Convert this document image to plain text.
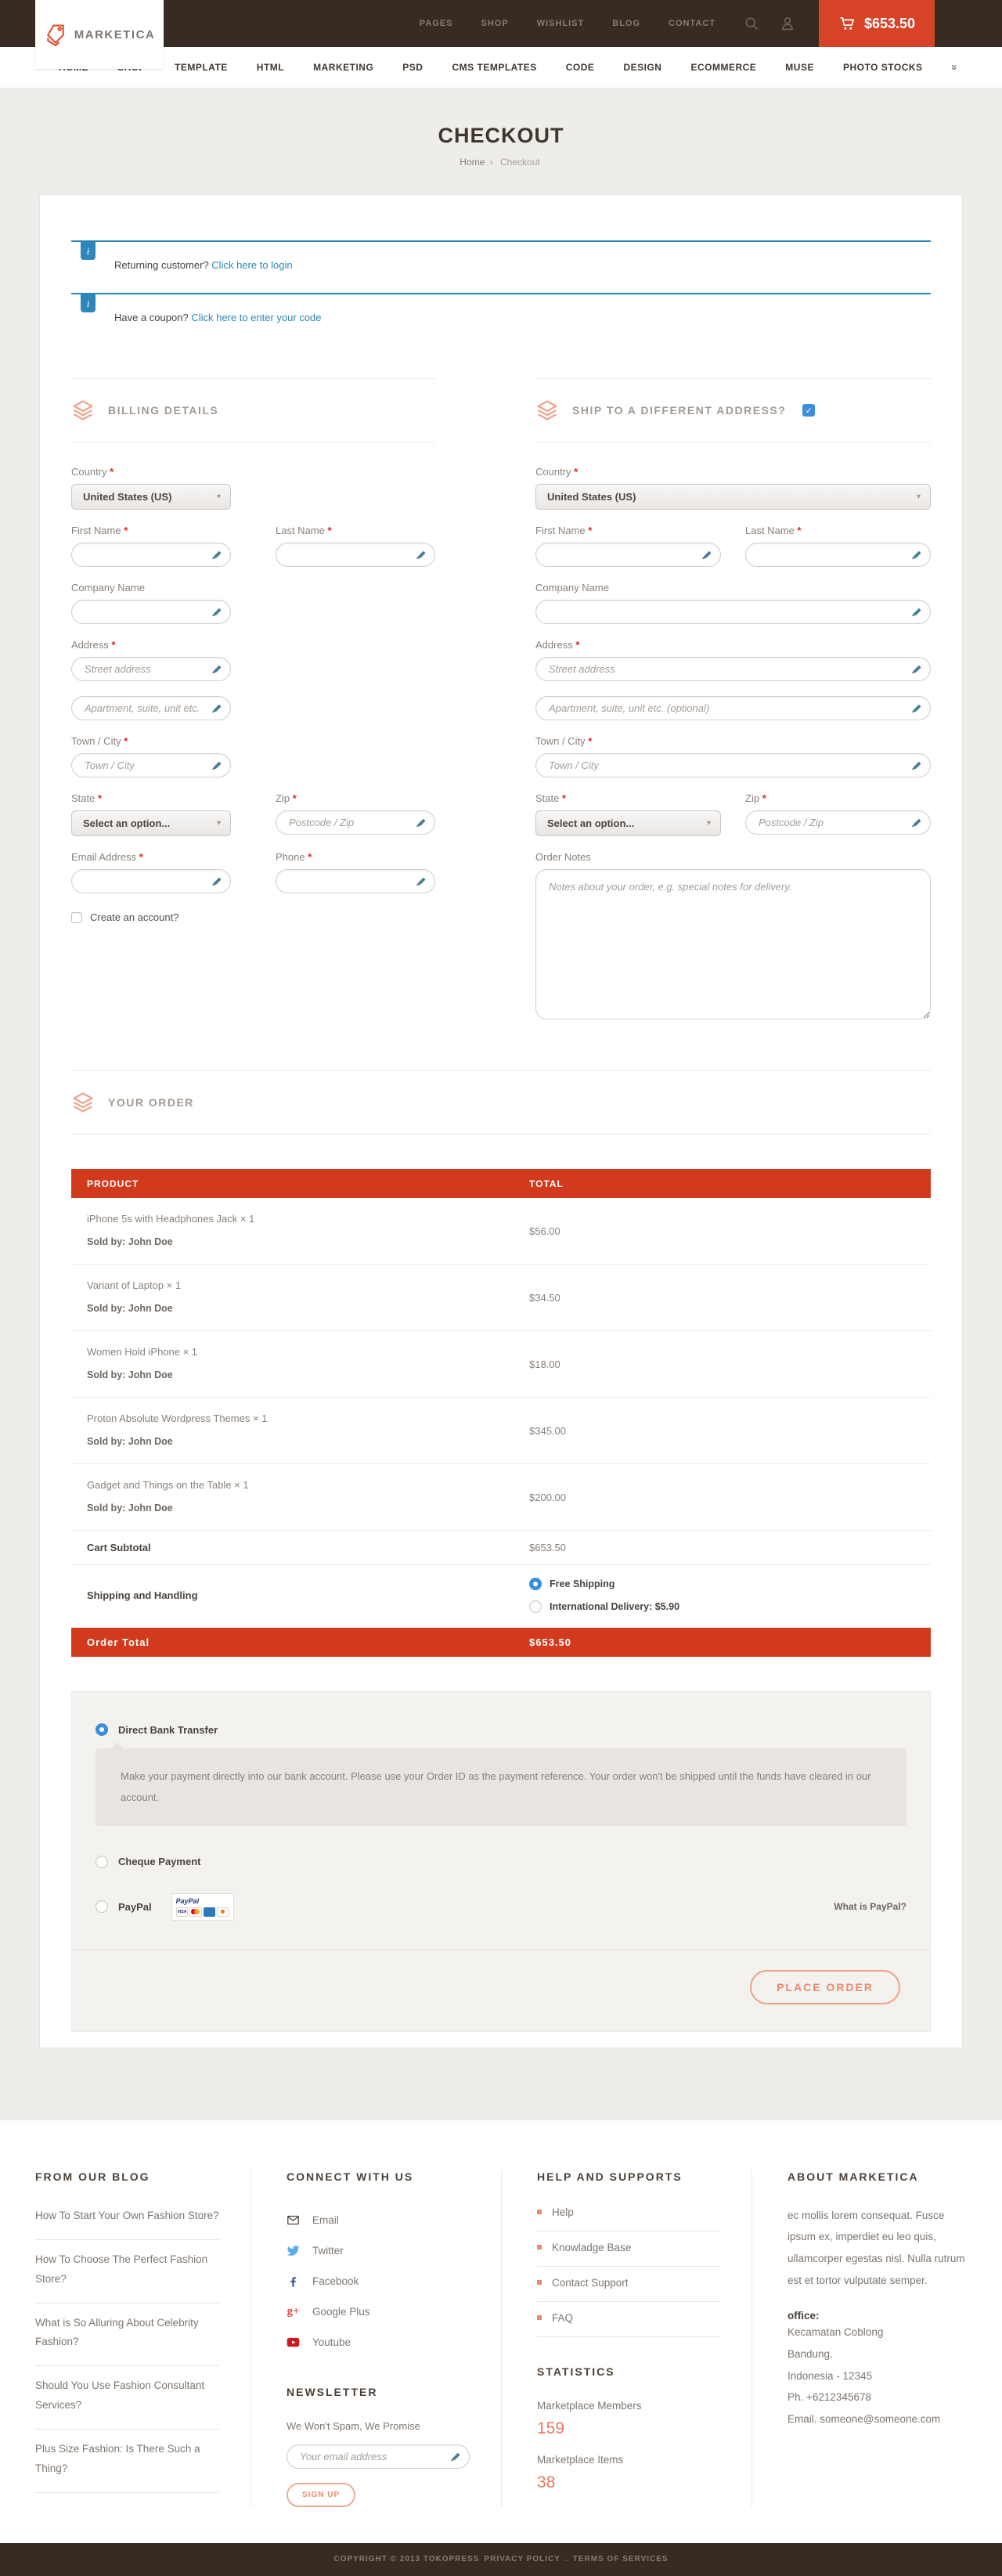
MARKETICA
PAGES	SHOP	WISHLIST	BLOG	CONTACT	$653.50
TEMPLATE	HTML	MARKETING	PSD	CMS TEMPLATES	CODE	DESIGN	ECOMMERCE	MUSE	PHOTO STOCKS »
CHECKOUT
Home › Checkout
i
Returning customer? Click here to login
i
Have a coupon? Click here to enter your code
BILLING DETAILS
Country *
United States (US)	▾
First Name *	Last Name *
Company Name
Address *
Street address
Apartment, suite, unit etc.
Town / City *
Town / City
State *
Select an option...	▾
Zip *
Postcode / Zip
Email Address *	Phone *
Create an account?
SHIP TO A DIFFERENT ADDRESS? ✓
Country *
United States (US)	▾
First Name *	Last Name *
Company Name
Address *
Street address
Apartment, suite, unit etc. (optional)
Town / City *
Town / City
State *
Select an option...	▾
Zip *
Postcode / Zip
Order Notes
Notes about your order, e.g. special notes for delivery.
YOUR ORDER
PRODUCT	TOTAL
iPhone 5s with Headphones Jack × 1
Sold by: John Doe
$56.00
Variant of Laptop × 1
Sold by: John Doe
$34.50
Women Hold iPhone × 1
Sold by: John Doe
$18.00
Proton Absolute Wordpress Themes × 1
Sold by: John Doe
$345.00
Gadget and Things on the Table × 1
Sold by: John Doe
$200.00
Cart Subtotal	$653.50
Shipping and Handling
Free Shipping
International Delivery: $5.90
Order Total	$653.50
Direct Bank Transfer
Make your payment directly into our bank account. Please use your Order ID as the payment reference. Your order won't be shipped until the funds have cleared in our account.
Cheque Payment
PayPal	PayPal
VISA	What is PayPal?
PLACE ORDER
FROM OUR BLOG
How To Start Your Own Fashion Store?
How To Choose The Perfect Fashion Store?
What is So Alluring About Celebrity Fashion?
Should You Use Fashion Consultant Services?
Plus Size Fashion: Is There Such a Thing?
CONNECT WITH US
Email
Twitter
Facebook
g+ Google Plus
Youtube
NEWSLETTER
We Won't Spam, We Promise
Your email address
SIGN UP
HELP AND SUPPORTS
Help
Knowladge Base
Contact Support
FAQ
STATISTICS
Marketplace Members
159
Marketplace Items
38
ABOUT MARKETICA

ec mollis lorem consequat. Fusce ipsum ex, imperdiet eu leo quis, ullamcorper egestas nisl. Nulla rutrum est et tortor vulputate semper.

office:
Kecamatan Coblong
Bandung.
Indonesia - 12345
Ph. +6212345678
Email. someone@someone.com
COPYRIGHT © 2013 TOKOPRESS PRIVACY POLICY . TERMS OF SERVICES
